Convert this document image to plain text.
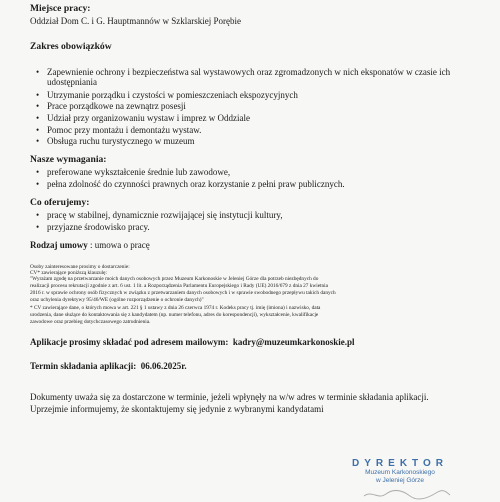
Miejsce pracy:
Oddział Dom C. i G. Hauptmannów w Szklarskiej Porębie
Zakres obowiązków
• Zapewnienie ochrony i bezpieczeństwa sal wystawowych oraz zgromadzonych w nich eksponatów w czasie ich udostępniania
• Utrzymanie porządku i czystości w pomieszczeniach ekspozycyjnych
• Prace porządkowe na zewnątrz posesji
• Udział przy organizowaniu wystaw i imprez w Oddziale
• Pomoc przy montażu i demontażu wystaw.
• Obsługa ruchu turystycznego w muzeum
Nasze wymagania:
• preferowane wykształcenie średnie lub zawodowe,
• pełna zdolność do czynności prawnych oraz korzystanie z pełni praw publicznych.
Co oferujemy:
• pracę w stabilnej, dynamicznie rozwijającej się instytucji kultury,
• przyjazne środowisko pracy.
Rodzaj umowy : umowa o pracę
Osoby zainteresowane prosimy o dostarczenie:
CV* zawierające poniższą klauzulę:
"Wyrażam zgodę na przetwarzanie moich danych osobowych przez Muzeum Karkonoskie w Jeleniej Górze dla potrzeb niezbędnych do
realizacji procesu rekrutacji zgodnie z art. 6 ust. 1 lit. a Rozporządzenia Parlamentu Europejskiego i Rady (UE) 2016/679 z dnia 27 kwietnia
2016 r. w sprawie ochrony osób fizycznych w związku z przetwarzaniem danych osobowych i w sprawie swobodnego przepływu takich danych
oraz uchylenia dyrektywy 95/46/WE (ogólne rozporządzenie o ochronie danych)"
* CV zawierające dane, o których mowa w art. 221 § 1 ustawy z dnia 26 czerwca 1974 r. Kodeks pracy tj. imię (imiona) i nazwisko, data
urodzenia, dane służące do kontaktowania się z kandydatem (np. numer telefonu, adres do korespondencji), wykształcenie, kwalifikacje
zawodowe oraz przebieg dotychczasowego zatrudnienia.
Aplikacje prosimy składać pod adresem mailowym: kadry@muzeumkarkonoskie.pl
Termin składania aplikacji: 06.06.2025r.
Dokumenty uważa się za dostarczone w terminie, jeżeli wpłynęły na w/w adres w terminie składania aplikacji.
Uprzejmie informujemy, że skontaktujemy się jedynie z wybranymi kandydatami
DYREKTOR
Muzeum Karkonoskiego
w Jeleniej Górze
